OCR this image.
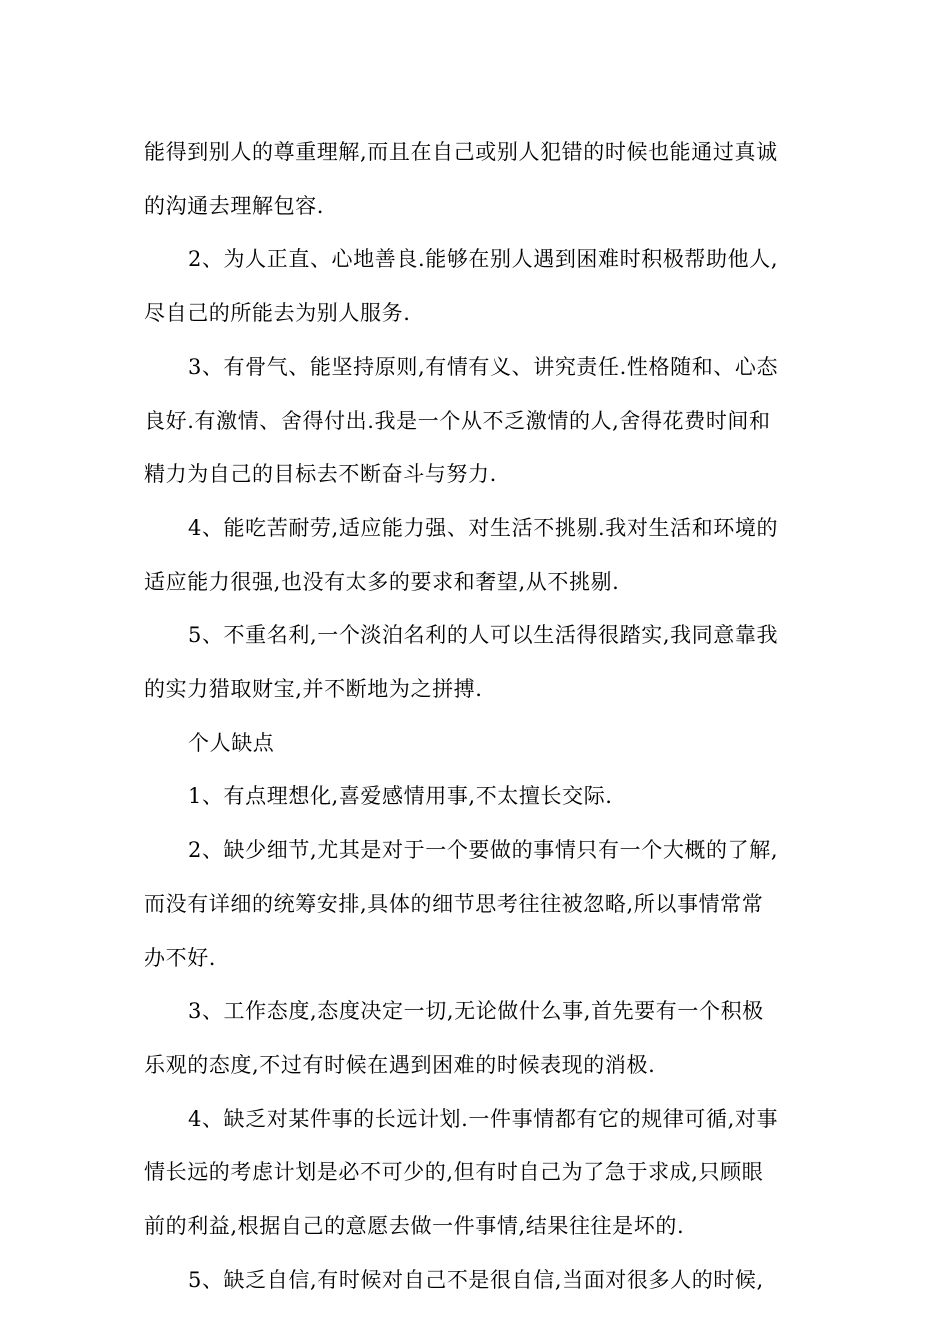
能得到别人的尊重理解,而且在自己或别人犯错的时候也能通过真诚
的沟通去理解包容.

2、为人正直、心地善良.能够在别人遇到困难时积极帮助他人,
尽自己的所能去为别人服务.

3、有骨气、能坚持原则,有情有义、讲究责任.性格随和、心态
良好.有激情、舍得付出.我是一个从不乏激情的人,舍得花费时间和
精力为自己的目标去不断奋斗与努力.

4、能吃苦耐劳,适应能力强、对生活不挑剔.我对生活和环境的
适应能力很强,也没有太多的要求和奢望,从不挑剔.

5、不重名利,一个淡泊名利的人可以生活得很踏实,我同意靠我
的实力猎取财宝,并不断地为之拼搏.

个人缺点

1、有点理想化,喜爱感情用事,不太擅长交际.

2、缺少细节,尤其是对于一个要做的事情只有一个大概的了解,
而没有详细的统筹安排,具体的细节思考往往被忽略,所以事情常常
办不好.

3、工作态度,态度决定一切,无论做什么事,首先要有一个积极
乐观的态度,不过有时候在遇到困难的时候表现的消极.

4、缺乏对某件事的长远计划.一件事情都有它的规律可循,对事
情长远的考虑计划是必不可少的,但有时自己为了急于求成,只顾眼
前的利益,根据自己的意愿去做一件事情,结果往往是坏的.

5、缺乏自信,有时候对自己不是很自信,当面对很多人的时候,
